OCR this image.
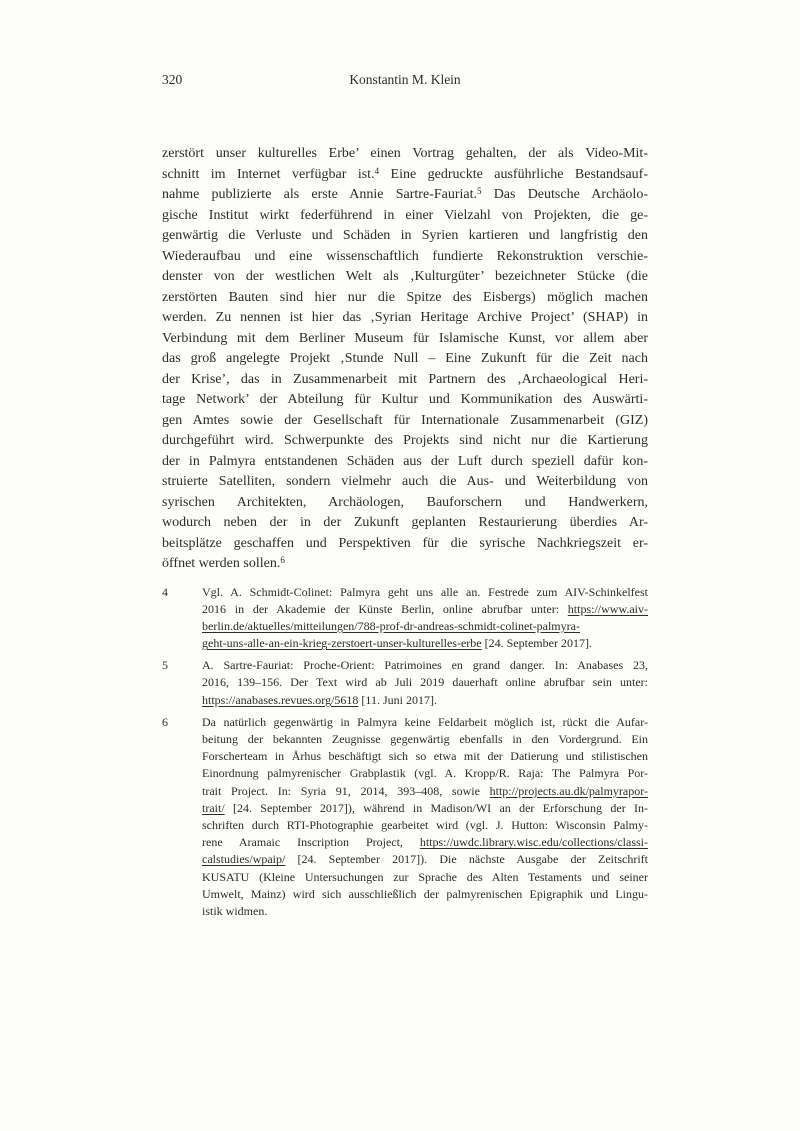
320	Konstantin M. Klein
zerstört unser kulturelles Erbe’ einen Vortrag gehalten, der als Video-Mit-
schnitt im Internet verfügbar ist.$^4$ Eine gedruckte ausführliche Bestandsauf-
nahme publizierte als erste Annie Sartre-Fauriat.$^5$ Das Deutsche Archäolo-
gische Institut wirkt federführend in einer Vielzahl von Projekten, die ge-
genwärtig die Verluste und Schäden in Syrien kartieren und langfristig den
Wiederaufbau und eine wissenschaftlich fundierte Rekonstruktion verschie-
denster von der westlichen Welt als ‚Kulturgüter’ bezeichneter Stücke (die
zerstörten Bauten sind hier nur die Spitze des Eisbergs) möglich machen
werden. Zu nennen ist hier das ‚Syrian Heritage Archive Project’ (SHAP) in
Verbindung mit dem Berliner Museum für Islamische Kunst, vor allem aber
das groß angelegte Projekt ‚Stunde Null – Eine Zukunft für die Zeit nach
der Krise’, das in Zusammenarbeit mit Partnern des ‚Archaeological Heri-
tage Network’ der Abteilung für Kultur und Kommunikation des Auswärti-
gen Amtes sowie der Gesellschaft für Internationale Zusammenarbeit (GIZ)
durchgeführt wird. Schwerpunkte des Projekts sind nicht nur die Kartierung
der in Palmyra entstandenen Schäden aus der Luft durch speziell dafür kon-
struierte Satelliten, sondern vielmehr auch die Aus- und Weiterbildung von
syrischen Architekten, Archäologen, Bauforschern und Handwerkern,
wodurch neben der in der Zukunft geplanten Restaurierung überdies Ar-
beitsplätze geschaffen und Perspektiven für die syrische Nachkriegszeit er-
öffnet werden sollen.$^6$
4	Vgl. A. Schmidt-Colinet: Palmyra geht uns alle an. Festrede zum AIV-Schinkelfest
2016 in der Akademie der Künste Berlin, online abrufbar unter: https://www.aiv-
berlin.de/aktuelles/mitteilungen/788-prof-dr-andreas-schmidt-colinet-palmyra-
geht-uns-alle-an-ein-krieg-zerstoert-unser-kulturelles-erbe [24. September 2017].
5	A. Sartre-Fauriat: Proche-Orient: Patrimoines en grand danger. In: Anabases 23,
2016, 139–156. Der Text wird ab Juli 2019 dauerhaft online abrufbar sein unter:
https://anabases.revues.org/5618 [11. Juni 2017].
6	Da natürlich gegenwärtig in Palmyra keine Feldarbeit möglich ist, rückt die Aufar-
beitung der bekannten Zeugnisse gegenwärtig ebenfalls in den Vordergrund. Ein
Forscherteam in Århus beschäftigt sich so etwa mit der Datierung und stilistischen
Einordnung palmyrenischer Grabplastik (vgl. A. Kropp/R. Raja: The Palmyra Por-
trait Project. In: Syria 91, 2014, 393–408, sowie http://projects.au.dk/palmyrapor-
trait/ [24. September 2017]), während in Madison/WI an der Erforschung der In-
schriften durch RTI-Photographie gearbeitet wird (vgl. J. Hutton: Wisconsin Palmy-
rene Aramaic Inscription Project, https://uwdc.library.wisc.edu/collections/classi-
calstudies/wpaip/ [24. September 2017]). Die nächste Ausgabe der Zeitschrift
KUSATU (Kleine Untersuchungen zur Sprache des Alten Testaments und seiner
Umwelt, Mainz) wird sich ausschließlich der palmyrenischen Epigraphik und Lingu-
istik widmen.
